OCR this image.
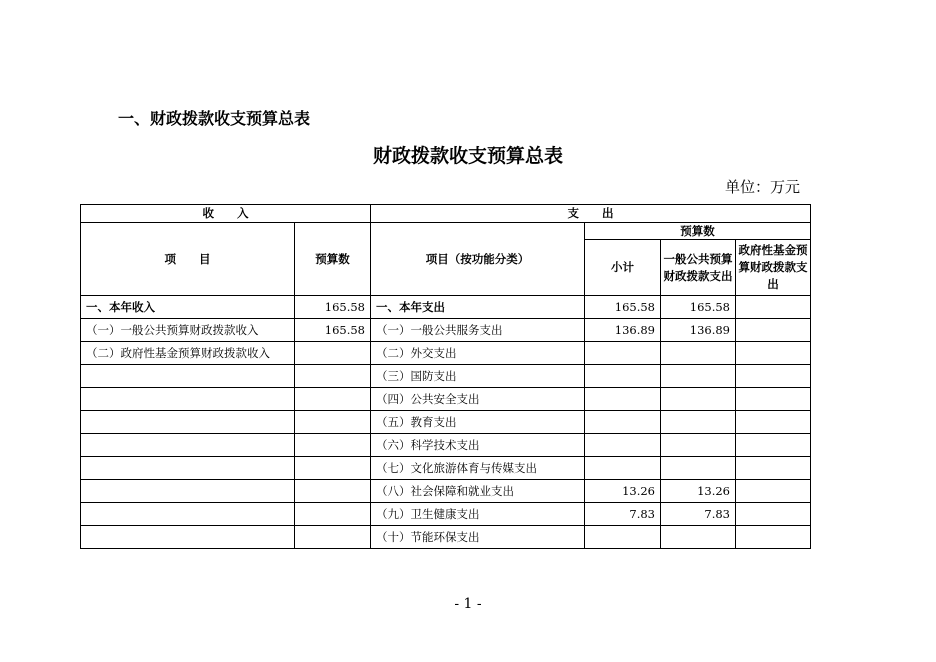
一、财政拨款收支预算总表
财政拨款收支预算总表
单位：万元
收　　入		支　　出			
项　　目	预算数	项目（按功能分类）	预算数		
			小计	一般公共预算财政拨款支出	政府性基金预算财政拨款支出
一、本年收入	165.58	一、本年支出	165.58	165.58	
（一）一般公共预算财政拨款收入	165.58	（一）一般公共服务支出	136.89	136.89	
（二）政府性基金预算财政拨款收入		（二）外交支出			
		（三）国防支出			
		（四）公共安全支出			
		（五）教育支出			
		（六）科学技术支出			
		（七）文化旅游体育与传媒支出			
		（八）社会保障和就业支出	13.26	13.26	
		（九）卫生健康支出	7.83	7.83	
		（十）节能环保支出			
- 1 -
